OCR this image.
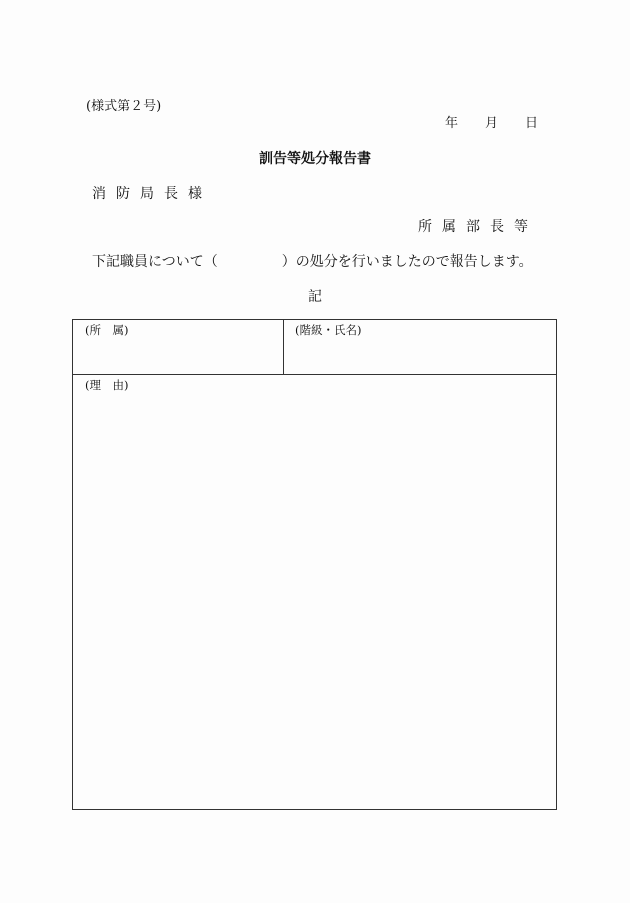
(様式第２号)
年 月 日
訓告等処分報告書
消防局長様
所属部長等
下記職員について（	）の処分を行いましたので報告します。
記
(所　属)	(階級・氏名)
(理　由)
